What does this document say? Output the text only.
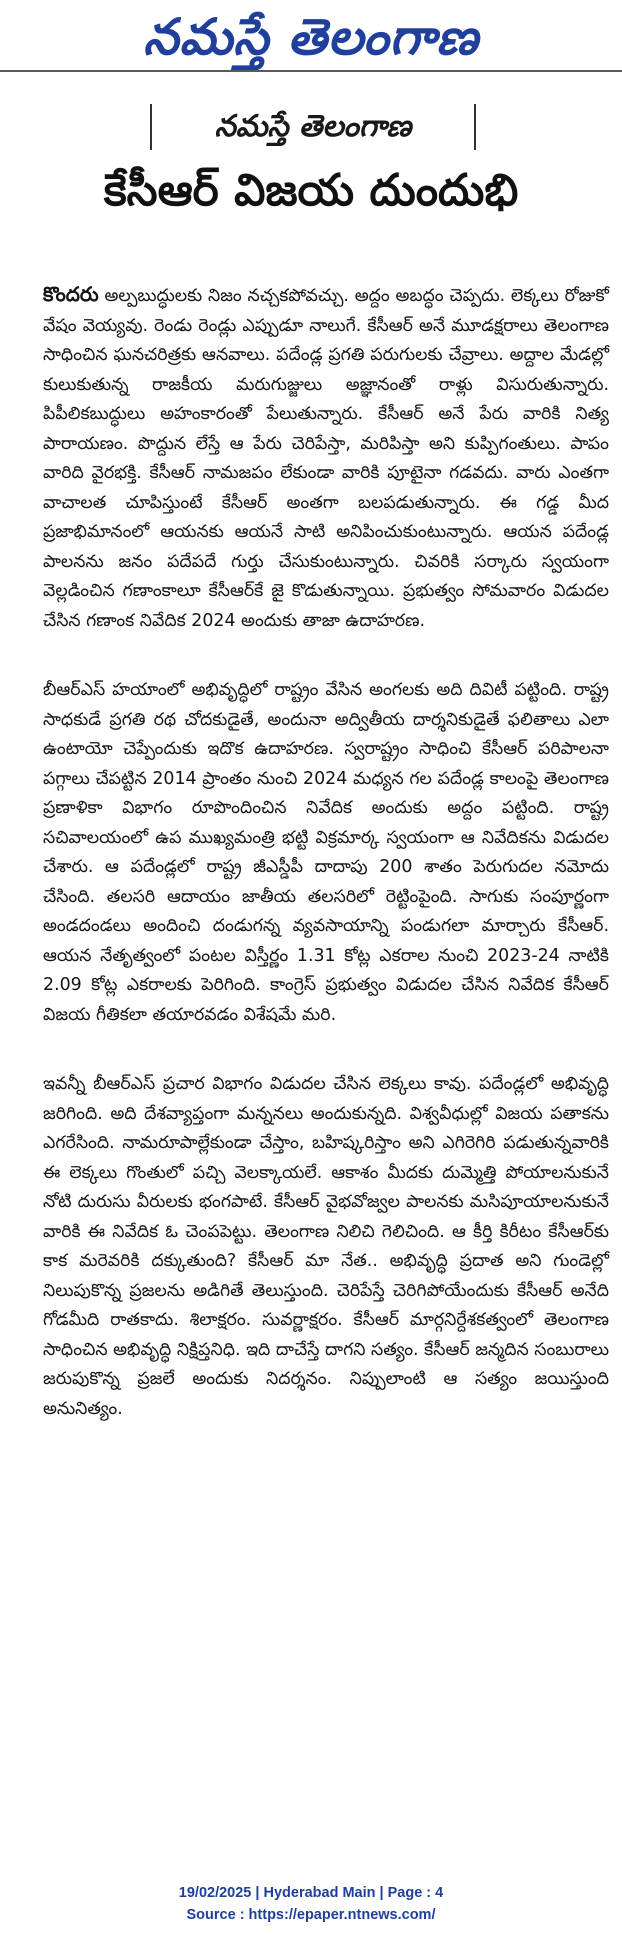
నమస్తే తెలంగాణ
నమస్తే తెలంగాణ
కేసీఆర్ విజయ దుందుభి

కొందరు అల్పబుద్ధులకు నిజం నచ్చకపోవచ్చు. అద్దం అబద్ధం చెప్పదు. లెక్కలు రోజుకో వేషం వెయ్యవు. రెండు రెండ్లు ఎప్పుడూ నాలుగే. కేసీఆర్ అనే మూడక్షరాలు తెలంగాణ సాధించిన ఘనచరిత్రకు ఆనవాలు. పదేండ్ల ప్రగతి పరుగులకు చేవ్రాలు. అద్దాల మేడల్లో కులుకుతున్న రాజకీయ మరుగుజ్జులు అజ్ఞానంతో రాళ్లు విసురుతున్నారు. పిపీలికబుద్ధులు అహంకారంతో పేలుతున్నారు. కేసీఆర్ అనే పేరు వారికి నిత్య పారాయణం. పొద్దున లేస్తే ఆ పేరు చెరిపేస్తా, మరిపిస్తా అని కుప్పిగంతులు. పాపం వారిది వైరభక్తి. కేసీఆర్ నామజపం లేకుండా వారికి పూటైనా గడవదు. వారు ఎంతగా వాచాలత చూపిస్తుంటే కేసీఆర్ అంతగా బలపడుతున్నారు. ఈ గడ్డ మీద ప్రజాభిమానంలో ఆయనకు ఆయనే సాటి అనిపించుకుంటున్నారు. ఆయన పదేండ్ల పాలనను జనం పదేపదే గుర్తు చేసుకుంటున్నారు. చివరికి సర్కారు స్వయంగా వెల్లడించిన గణాంకాలూ కేసీఆర్‌కే జై కొడుతున్నాయి. ప్రభుత్వం సోమవారం విడుదల చేసిన గణాంక నివేదిక 2024 అందుకు తాజా ఉదాహరణ.

బీఆర్‌ఎస్ హయాంలో అభివృద్ధిలో రాష్ట్రం వేసిన అంగలకు అది దివిటీ పట్టింది. రాష్ట్ర సాధకుడే ప్రగతి రథ చోదకుడైతే, అందునా అద్వితీయ దార్శనికుడైతే ఫలితాలు ఎలా ఉంటాయో చెప్పేందుకు ఇదొక ఉదాహరణ. స్వరాష్ట్రం సాధించి కేసీఆర్ పరిపాలనా పగ్గాలు చేపట్టిన 2014 ప్రాంతం నుంచి 2024 మధ్యన గల పదేండ్ల కాలంపై తెలంగాణ ప్రణాళికా విభాగం రూపొందించిన నివేదిక అందుకు అద్దం పట్టింది. రాష్ట్ర సచివాలయంలో ఉప ముఖ్యమంత్రి భట్టి విక్రమార్క స్వయంగా ఆ నివేదికను విడుదల చేశారు. ఆ పదేండ్లలో రాష్ట్ర జీఎస్డీపీ దాదాపు 200 శాతం పెరుగుదల నమోదు చేసింది. తలసరి ఆదాయం జాతీయ తలసరిలో రెట్టింపైంది. సాగుకు సంపూర్ణంగా అండదండలు అందించి దండుగన్న వ్యవసాయాన్ని పండుగలా మార్చారు కేసీఆర్. ఆయన నేతృత్వంలో పంటల విస్తీర్ణం 1.31 కోట్ల ఎకరాల నుంచి 2023-24 నాటికి 2.09 కోట్ల ఎకరాలకు పెరిగింది. కాంగ్రెస్ ప్రభుత్వం విడుదల చేసిన నివేదిక కేసీఆర్ విజయ గీతికలా తయారవడం విశేషమే మరి.

ఇవన్నీ బీఆర్‌ఎస్ ప్రచార విభాగం విడుదల చేసిన లెక్కలు కావు. పదేండ్లలో అభివృద్ధి జరిగింది. అది దేశవ్యాప్తంగా మన్ననలు అందుకున్నది. విశ్వవీధుల్లో విజయ పతాకను ఎగరేసింది. నామరూపాల్లేకుండా చేస్తాం, బహిష్కరిస్తాం అని ఎగిరెగిరి పడుతున్నవారికి ఈ లెక్కలు గొంతులో పచ్చి వెలక్కాయలే. ఆకాశం మీదకు దుమ్మెత్తి పోయాలనుకునే నోటి దురుసు వీరులకు భంగపాటే. కేసీఆర్ వైభవోజ్వల పాలనకు మసిపూయాలనుకునే వారికి ఈ నివేదిక ఓ చెంపపెట్టు. తెలంగాణ నిలిచి గెలిచింది. ఆ కీర్తి కిరీటం కేసీఆర్‌కు కాక మరెవరికి దక్కుతుంది? కేసీఆర్ మా నేత.. అభివృద్ధి ప్రదాత అని గుండెల్లో నిలుపుకొన్న ప్రజలను అడిగితే తెలుస్తుంది. చెరిపేస్తే చెరిగిపోయేందుకు కేసీఆర్ అనేది గోడమీది రాతకాదు. శిలాక్షరం. సువర్ణాక్షరం. కేసీఆర్ మార్గనిర్దేశకత్వంలో తెలంగాణ సాధించిన అభివృద్ధి నిక్షిప్తనిధి. ఇది దాచేస్తే దాగని సత్యం. కేసీఆర్ జన్మదిన సంబురాలు జరుపుకొన్న ప్రజలే అందుకు నిదర్శనం. నిప్పులాంటి ఆ సత్యం జయిస్తుంది అనునిత్యం.

19/02/2025 | Hyderabad Main | Page : 4
Source : https://epaper.ntnews.com/
